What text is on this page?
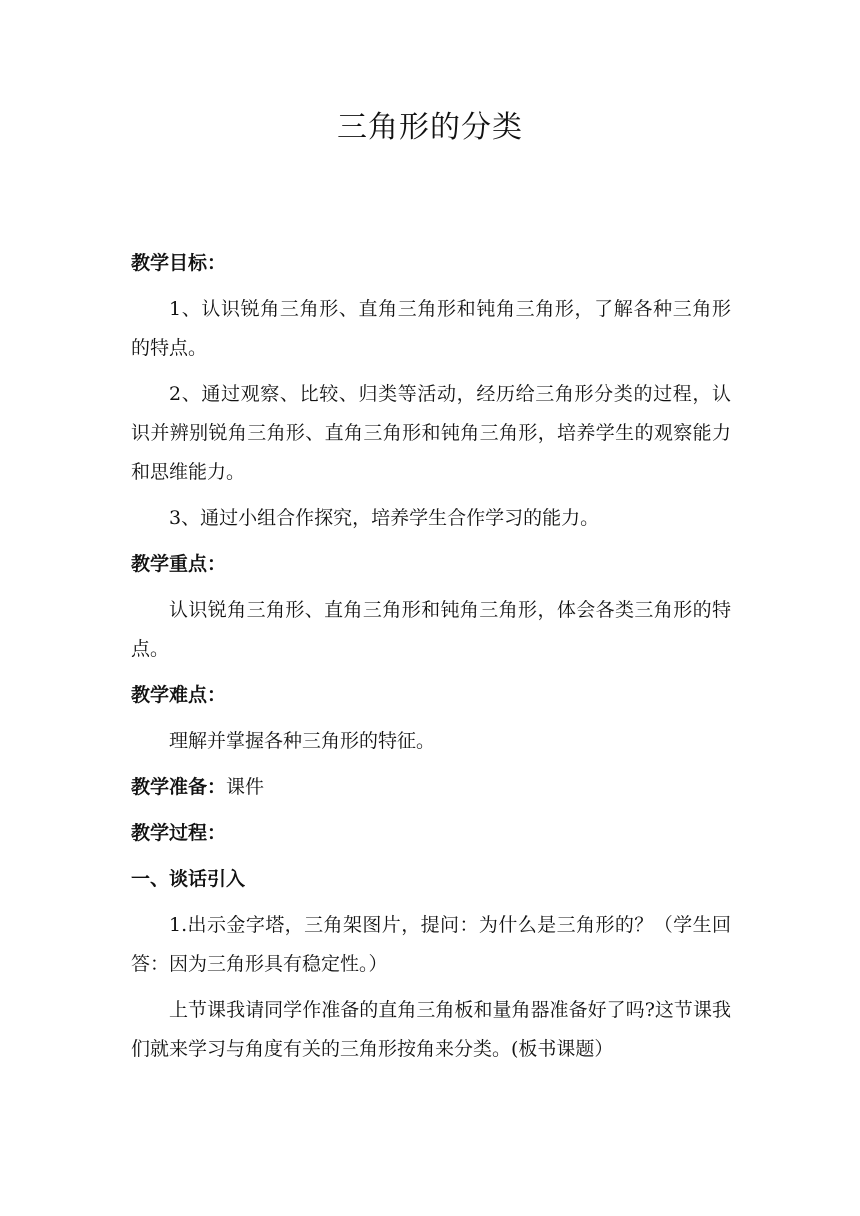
三角形的分类
教学目标：
1、认识锐角三角形、直角三角形和钝角三角形，了解各种三角形的特点。
2、通过观察、比较、归类等活动，经历给三角形分类的过程，认识并辨别锐角三角形、直角三角形和钝角三角形，培养学生的观察能力和思维能力。
3、通过小组合作探究，培养学生合作学习的能力。
教学重点：
认识锐角三角形、直角三角形和钝角三角形，体会各类三角形的特点。
教学难点：
理解并掌握各种三角形的特征。
教学准备：课件
教学过程：
一、谈话引入
1.出示金字塔，三角架图片，提问：为什么是三角形的？（学生回答：因为三角形具有稳定性。）
上节课我请同学作准备的直角三角板和量角器准备好了吗?这节课我们就来学习与角度有关的三角形按角来分类。(板书课题）
